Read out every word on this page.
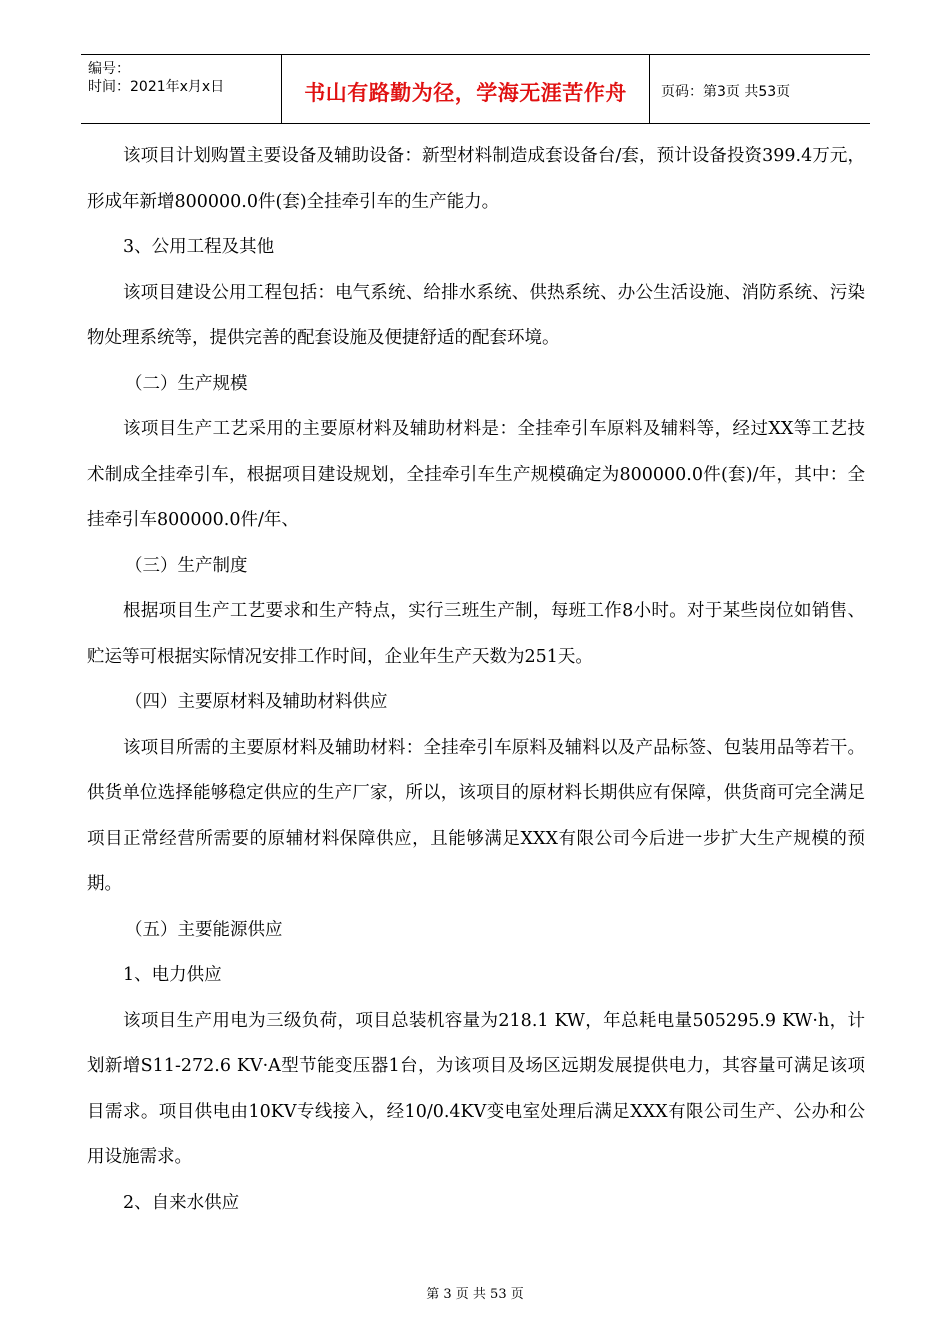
编号：
时间：2021年x月x日	书山有路勤为径，学海无涯苦作舟	页码：第3页 共53页

该项目计划购置主要设备及辅助设备：新型材料制造成套设备台/套，预计设备投资399.4万元，形成年新增800000.0件(套)全挂牵引车的生产能力。

3、公用工程及其他

该项目建设公用工程包括：电气系统、给排水系统、供热系统、办公生活设施、消防系统、污染物处理系统等，提供完善的配套设施及便捷舒适的配套环境。

（二）生产规模

该项目生产工艺采用的主要原材料及辅助材料是：全挂牵引车原料及辅料等，经过XX等工艺技术制成全挂牵引车，根据项目建设规划，全挂牵引车生产规模确定为800000.0件(套)/年，其中：全挂牵引车800000.0件/年、

（三）生产制度

根据项目生产工艺要求和生产特点，实行三班生产制，每班工作8小时。对于某些岗位如销售、贮运等可根据实际情况安排工作时间，企业年生产天数为251天。

（四）主要原材料及辅助材料供应

该项目所需的主要原材料及辅助材料：全挂牵引车原料及辅料以及产品标签、包装用品等若干。供货单位选择能够稳定供应的生产厂家，所以，该项目的原材料长期供应有保障，供货商可完全满足项目正常经营所需要的原辅材料保障供应，且能够满足XXX有限公司今后进一步扩大生产规模的预期。

（五）主要能源供应

1、电力供应

该项目生产用电为三级负荷，项目总装机容量为218.1 KW，年总耗电量505295.9 KW·h，计划新增S11-272.6 KV·A型节能变压器1台，为该项目及场区远期发展提供电力，其容量可满足该项目需求。项目供电由10KV专线接入，经10/0.4KV变电室处理后满足XXX有限公司生产、公办和公用设施需求。

2、自来水供应

第 3 页 共 53 页
